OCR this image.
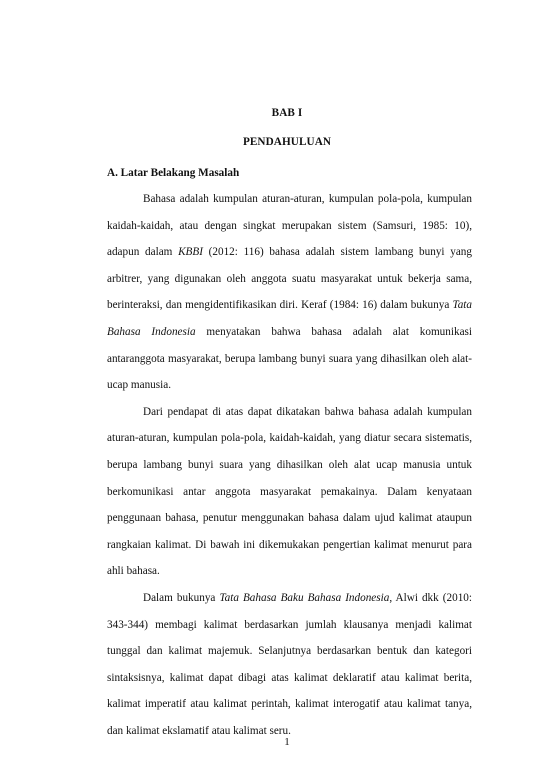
BAB I
PENDAHULUAN
A. Latar Belakang Masalah

Bahasa adalah kumpulan aturan-aturan, kumpulan pola-pola, kumpulan kaidah-kaidah, atau dengan singkat merupakan sistem (Samsuri, 1985: 10), adapun dalam KBBI (2012: 116) bahasa adalah sistem lambang bunyi yang arbitrer, yang digunakan oleh anggota suatu masyarakat untuk bekerja sama, berinteraksi, dan mengidentifikasikan diri. Keraf (1984: 16) dalam bukunya Tata Bahasa Indonesia menyatakan bahwa bahasa adalah alat komunikasi antaranggota masyarakat, berupa lambang bunyi suara yang dihasilkan oleh alat-ucap manusia.

Dari pendapat di atas dapat dikatakan bahwa bahasa adalah kumpulan aturan-aturan, kumpulan pola-pola, kaidah-kaidah, yang diatur secara sistematis, berupa lambang bunyi suara yang dihasilkan oleh alat ucap manusia untuk berkomunikasi antar anggota masyarakat pemakainya. Dalam kenyataan penggunaan bahasa, penutur menggunakan bahasa dalam ujud kalimat ataupun rangkaian kalimat. Di bawah ini dikemukakan pengertian kalimat menurut para ahli bahasa.

Dalam bukunya Tata Bahasa Baku Bahasa Indonesia, Alwi dkk (2010: 343-344) membagi kalimat berdasarkan jumlah klausanya menjadi kalimat tunggal dan kalimat majemuk. Selanjutnya berdasarkan bentuk dan kategori sintaksisnya, kalimat dapat dibagi atas kalimat deklaratif atau kalimat berita, kalimat imperatif atau kalimat perintah, kalimat interogatif atau kalimat tanya, dan kalimat ekslamatif atau kalimat seru.

1
